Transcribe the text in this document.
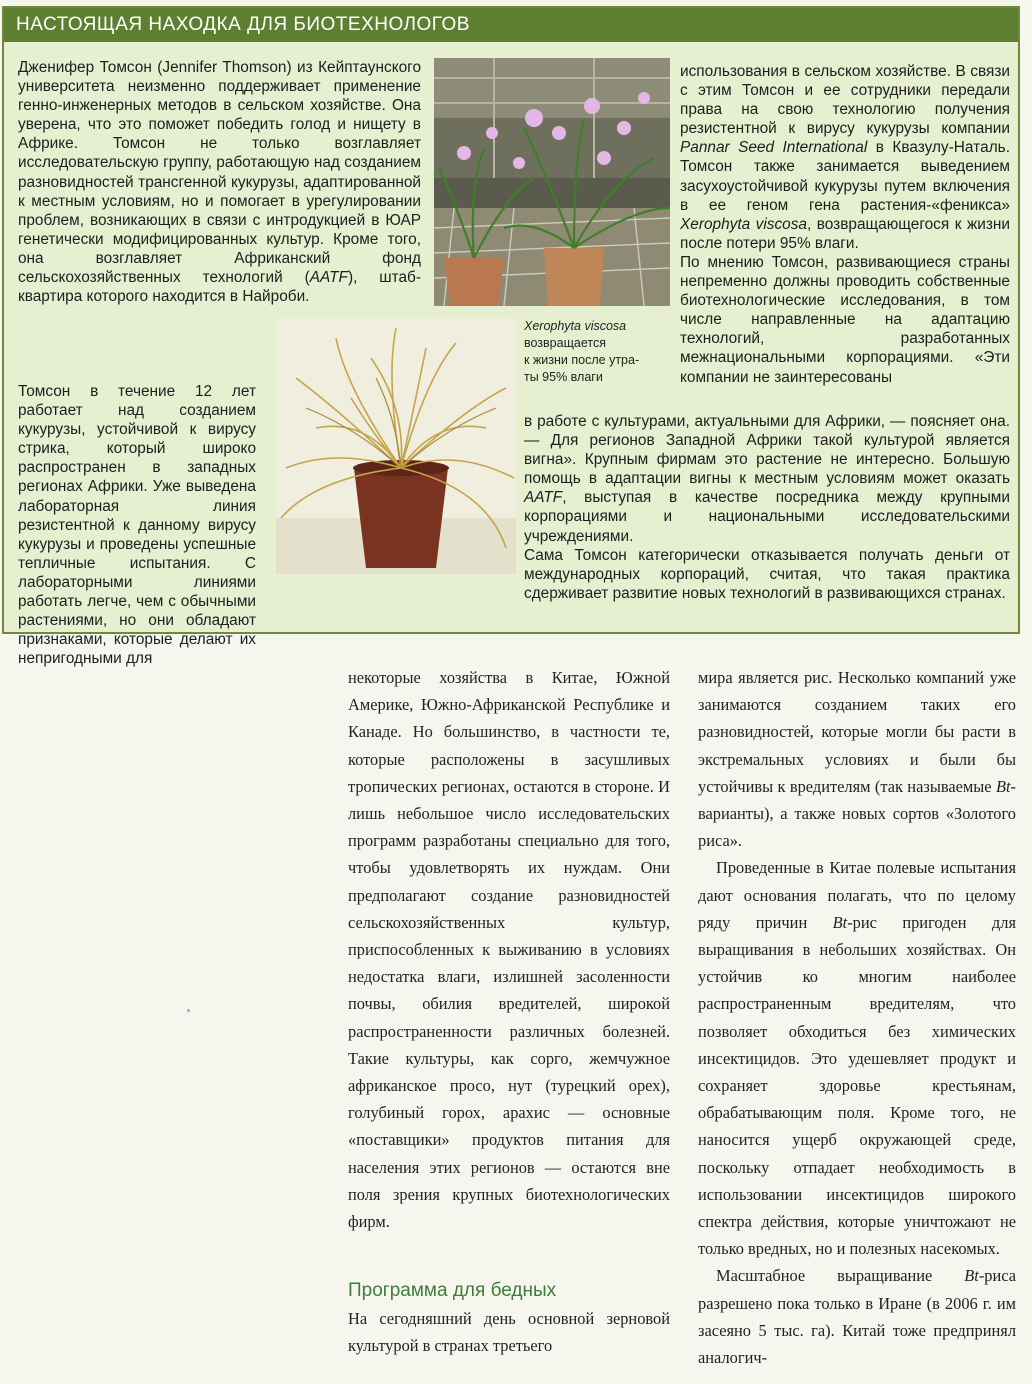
НАСТОЯЩАЯ НАХОДКА ДЛЯ БИОТЕХНОЛОГОВ

Дженифер Томсон (Jennifer Thomson) из Кейптаунского университета неизменно поддерживает применение генно-инженерных методов в сельском хозяйстве. Она уверена, что это поможет победить голод и нищету в Африке. Томсон не только возглавляет исследовательскую группу, работающую над созданием разновидностей трансгенной кукурузы, адаптированной к местным условиям, но и помогает в урегулировании проблем, возникающих в связи с интродукцией в ЮАР генетически модифицированных культур. Кроме того, она возглавляет Африканский фонд сельскохозяйственных технологий (AATF), штаб-квартира которого находится в Найроби.

Томсон в течение 12 лет работает над созданием кукурузы, устойчивой к вирусу стрика, который широко распространен в западных регионах Африки. Уже выведена лабораторная линия резистентной к данному вирусу кукурузы и проведены успешные тепличные испытания. С лабораторными линиями работать легче, чем с обычными растениями, но они обладают признаками, которые делают их непригодными для

использования в сельском хозяйстве. В связи с этим Томсон и ее сотрудники передали права на свою технологию получения резистентной к вирусу кукурузы компании Pannar Seed International в Квазулу-Натaль. Томсон также занимается выведением засухоустойчивой кукурузы путем включения в ее геном гена растения-«феникса» Xerophyta viscosa, возвращающегося к жизни после потери 95% влаги.

По мнению Томсон, развивающиеся страны непременно должны проводить собственные биотехнологические исследования, в том числе направленные на адаптацию технологий, разработанных межнациональными корпорациями. «Эти компании не заинтересованы

в работе с культурами, актуальными для Африки, — поясняет она. — Для регионов Западной Африки такой культурой является вигна». Крупным фирмам это растение не интересно. Большую помощь в адаптации вигны к местным условиям может оказать AATF, выступая в качестве посредника между крупными корпорациями и национальными исследовательскими учреждениями.

Сама Томсон категорически отказывается получать деньги от международных корпораций, считая, что такая практика сдерживает развитие новых технологий в развивающихся странах.

Xerophyta viscosa
возвращается
к жизни после утра-
ты 95% влаги

некоторые хозяйства в Китае, Южной Америке, Южно-Африканской Республике и Канаде. Но большинство, в частности те, которые расположены в засушливых тропических регионах, остаются в стороне. И лишь небольшое число исследовательских программ разработаны специально для того, чтобы удовлетворять их нуждам. Они предполагают создание разновидностей сельскохозяйственных культур, приспособленных к выживанию в условиях недостатка влаги, излишней засоленности почвы, обилия вредителей, широкой распространенности различных болезней. Такие культуры, как сорго, жемчужное африканское просо, нут (турецкий орех), голубиный горох, арахис — основные «поставщики» продуктов питания для населения этих регионов — остаются вне поля зрения крупных биотехнологических фирм.

Программа для бедных

На сегодняшний день основной зерновой культурой в странах третьего

мира является рис. Несколько компаний уже занимаются созданием таких его разновидностей, которые могли бы расти в экстремальных условиях и были бы устойчивы к вредителям (так называемые Bt-варианты), а также новых сортов «Золотого риса».

Проведенные в Китае полевые испытания дают основания полагать, что по целому ряду причин Bt-рис пригоден для выращивания в небольших хозяйствах. Он устойчив ко многим наиболее распространенным вредителям, что позволяет обходиться без химических инсектицидов. Это удешевляет продукт и сохраняет здоровье крестьянам, обрабатывающим поля. Кроме того, не наносится ущерб окружающей среде, поскольку отпадает необходимость в использовании инсектицидов широкого спектра действия, которые уничтожают не только вредных, но и полезных насекомых.

Масштабное выращивание Bt-риса разрешено пока только в Иране (в 2006 г. им засеяно 5 тыс. га). Китай тоже предпринял аналогич-
